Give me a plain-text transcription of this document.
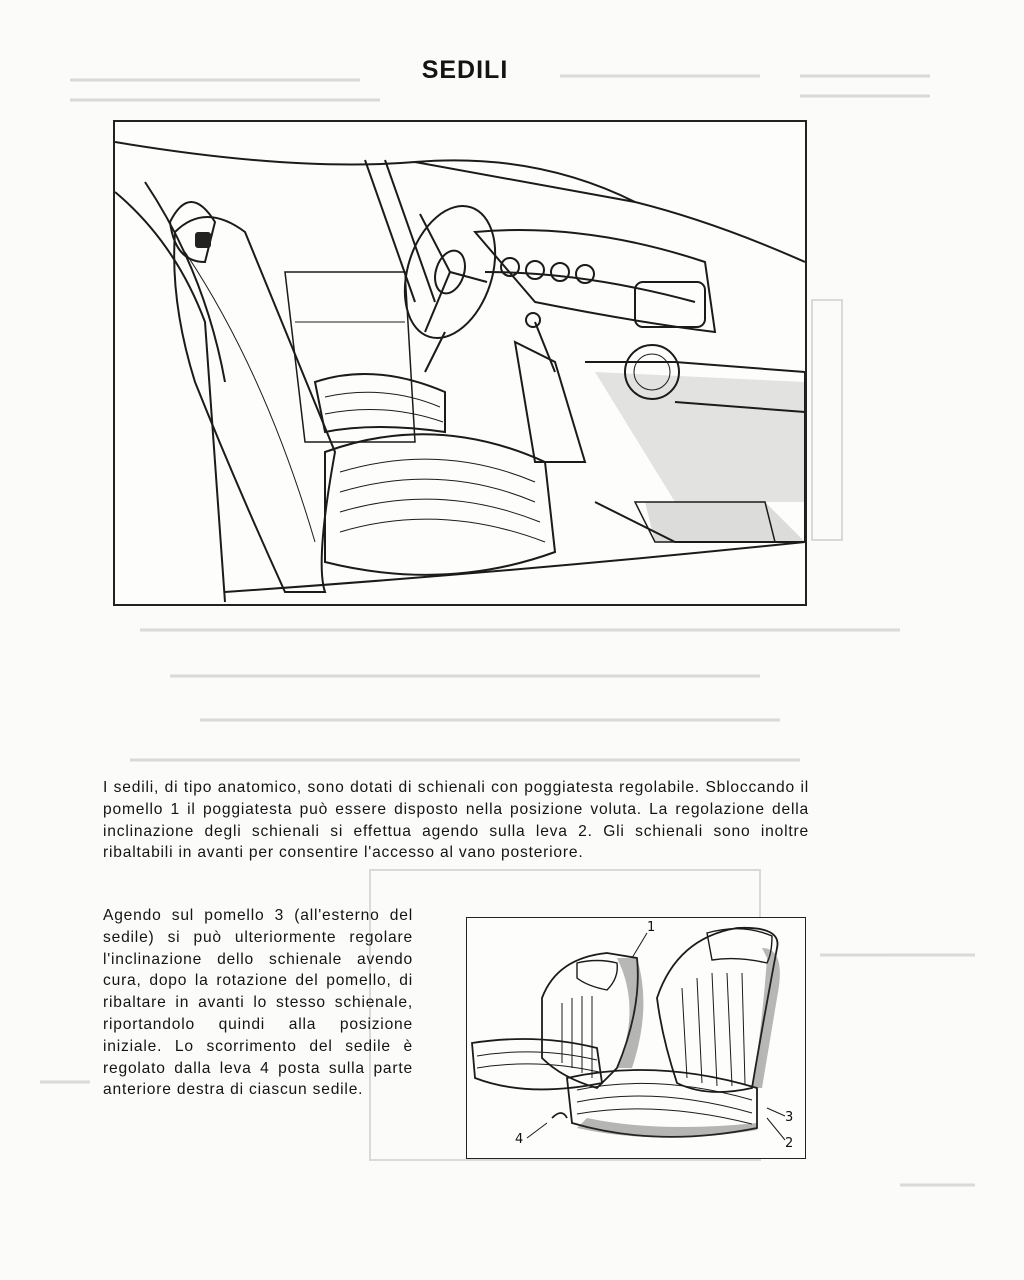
SEDILI

I sedili, di tipo anatomico, sono dotati di schienali con poggiatesta regolabile. Sbloccando il pomello 1 il poggiatesta può essere disposto nella posizione voluta. La regolazione della inclinazione degli schienali si effettua agendo sulla leva 2. Gli schienali sono inoltre ribaltabili in avanti per consentire l'accesso al vano posteriore.

Agendo sul pomello 3 (all'esterno del sedile) si può ulteriormente regolare l'inclinazione dello schienale avendo cura, dopo la rotazione del pomello, di ribaltare in avanti lo stesso schienale, riportandolo quindi alla posizione iniziale. Lo scorrimento del sedile è regolato dalla leva 4 posta sulla parte anteriore destra di ciascun sedile.

1
3
2
4
